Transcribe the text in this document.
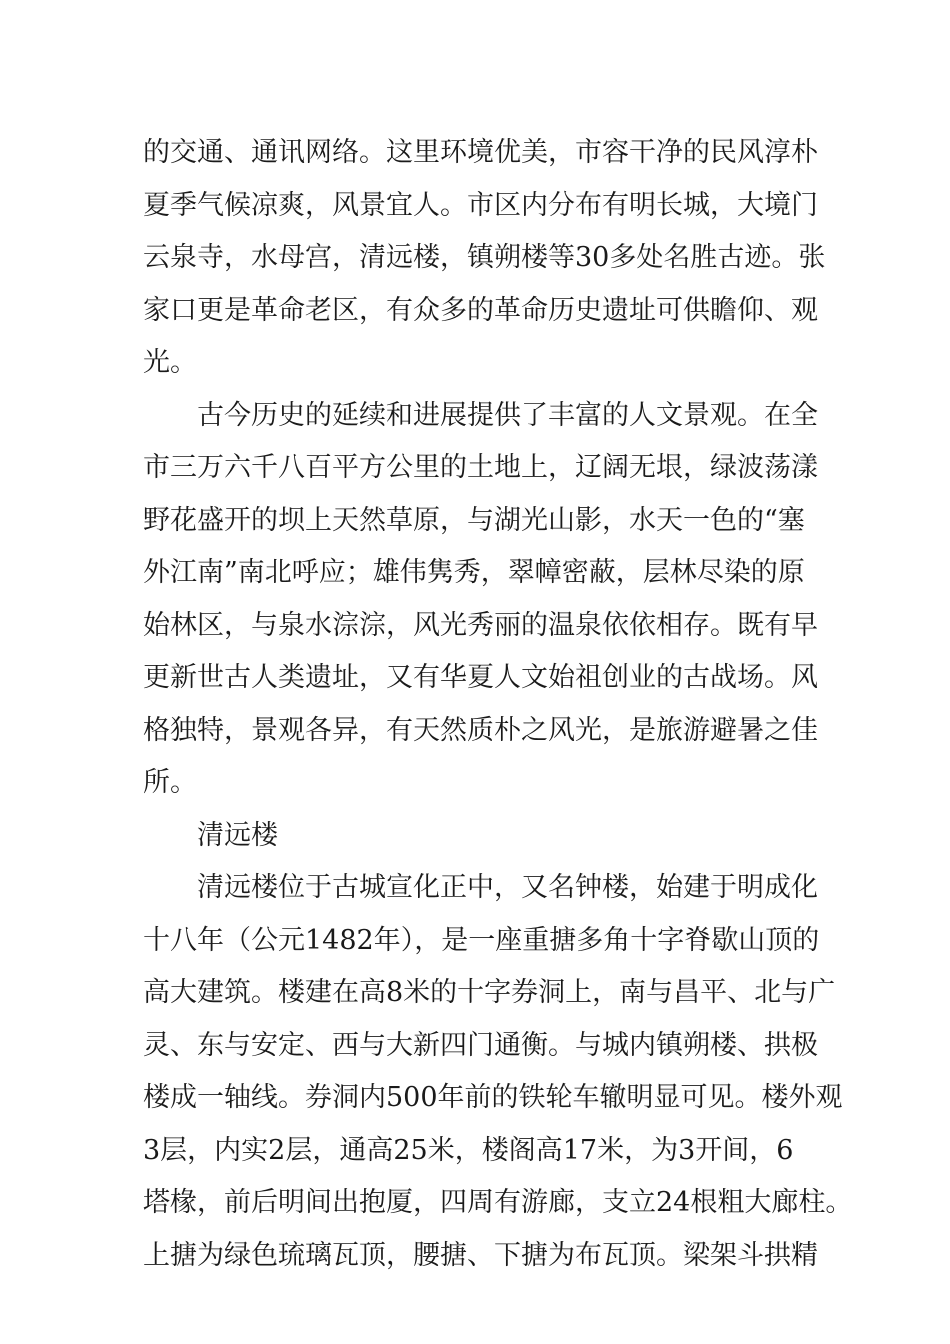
的交通、通讯网络。这里环境优美，市容干净的民风淳朴
夏季气候凉爽，风景宜人。市区内分布有明长城，大境门
云泉寺，水母宫，清远楼，镇朔楼等30多处名胜古迹。张
家口更是革命老区，有众多的革命历史遗址可供瞻仰、观
光。
古今历史的延续和进展提供了丰富的人文景观。在全
市三万六千八百平方公里的土地上，辽阔无垠，绿波荡漾
野花盛开的坝上天然草原，与湖光山影，水天一色的“塞
外江南”南北呼应；雄伟隽秀，翠幛密蔽，层林尽染的原
始林区，与泉水淙淙，风光秀丽的温泉依依相存。既有早
更新世古人类遗址，又有华夏人文始祖创业的古战场。风
格独特，景观各异，有天然质朴之风光，是旅游避暑之佳
所。
清远楼
清远楼位于古城宣化正中，又名钟楼，始建于明成化
十八年（公元1482年），是一座重搪多角十字脊歇山顶的
高大建筑。楼建在高8米的十字券洞上，南与昌平、北与广
灵、东与安定、西与大新四门通衡。与城内镇朔楼、拱极
楼成一轴线。券洞内500年前的铁轮车辙明显可见。楼外观
3层，内实2层，通高25米，楼阁高17米，为3开间，6
塔椽，前后明间出抱厦，四周有游廊，支立24根粗大廊柱。
上搪为绿色琉璃瓦顶，腰搪、下搪为布瓦顶。梁架斗拱精
